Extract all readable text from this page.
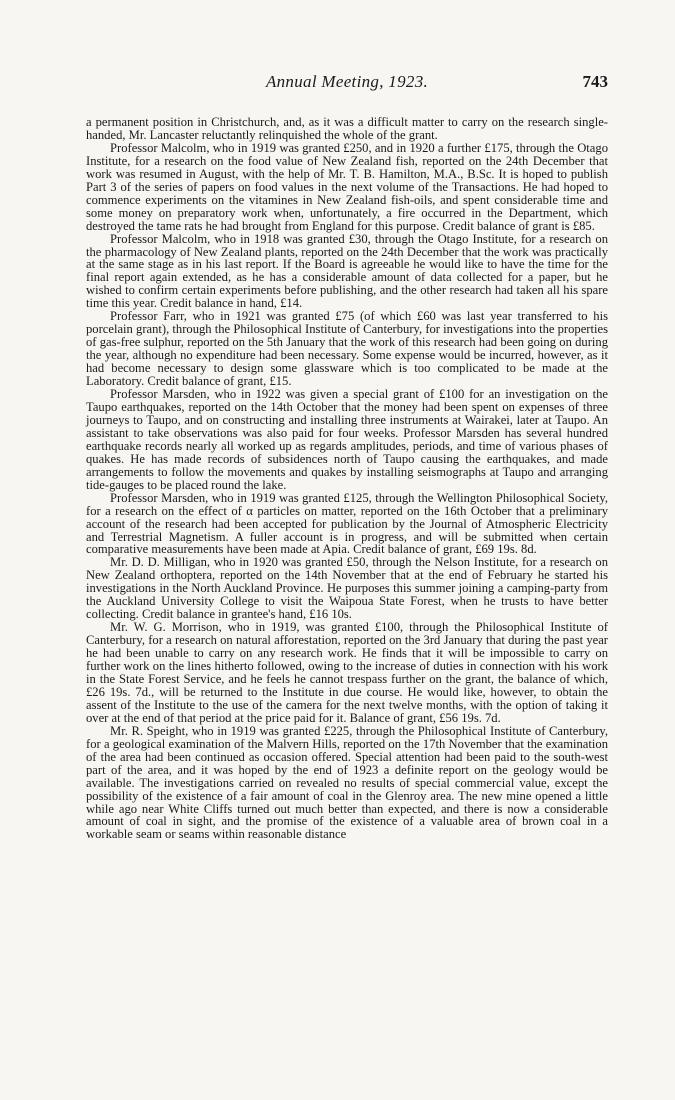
Annual Meeting, 1923.	743

a permanent position in Christchurch, and, as it was a difficult matter to carry on the research single-handed, Mr. Lancaster reluctantly relinquished the whole of the grant.

Professor Malcolm, who in 1919 was granted £250, and in 1920 a further £175, through the Otago Institute, for a research on the food value of New Zealand fish, reported on the 24th December that work was resumed in August, with the help of Mr. T. B. Hamilton, M.A., B.Sc. It is hoped to publish Part 3 of the series of papers on food values in the next volume of the Transactions. He had hoped to commence experiments on the vitamines in New Zealand fish-oils, and spent considerable time and some money on preparatory work when, unfortunately, a fire occurred in the Department, which destroyed the tame rats he had brought from England for this purpose. Credit balance of grant is £85.

Professor Malcolm, who in 1918 was granted £30, through the Otago Institute, for a research on the pharmacology of New Zealand plants, reported on the 24th December that the work was practically at the same stage as in his last report. If the Board is agreeable he would like to have the time for the final report again extended, as he has a considerable amount of data collected for a paper, but he wished to confirm certain experiments before publishing, and the other research had taken all his spare time this year. Credit balance in hand, £14.

Professor Farr, who in 1921 was granted £75 (of which £60 was last year transferred to his porcelain grant), through the Philosophical Institute of Canterbury, for investigations into the properties of gas-free sulphur, reported on the 5th January that the work of this research had been going on during the year, although no expenditure had been necessary. Some expense would be incurred, however, as it had become necessary to design some glassware which is too complicated to be made at the Laboratory. Credit balance of grant, £15.

Professor Marsden, who in 1922 was given a special grant of £100 for an investigation on the Taupo earthquakes, reported on the 14th October that the money had been spent on expenses of three journeys to Taupo, and on constructing and installing three instruments at Wairakei, later at Taupo. An assistant to take observations was also paid for four weeks. Professor Marsden has several hundred earthquake records nearly all worked up as regards amplitudes, periods, and time of various phases of quakes. He has made records of subsidences north of Taupo causing the earthquakes, and made arrangements to follow the movements and quakes by installing seismographs at Taupo and arranging tide-gauges to be placed round the lake.

Professor Marsden, who in 1919 was granted £125, through the Wellington Philosophical Society, for a research on the effect of α particles on matter, reported on the 16th October that a preliminary account of the research had been accepted for publication by the Journal of Atmospheric Electricity and Terrestrial Magnetism. A fuller account is in progress, and will be submitted when certain comparative measurements have been made at Apia. Credit balance of grant, £69 19s. 8d.

Mr. D. D. Milligan, who in 1920 was granted £50, through the Nelson Institute, for a research on New Zealand orthoptera, reported on the 14th November that at the end of February he started his investigations in the North Auckland Province. He purposes this summer joining a camping-party from the Auckland University College to visit the Waipoua State Forest, when he trusts to have better collecting. Credit balance in grantee's hand, £16 10s.

Mr. W. G. Morrison, who in 1919, was granted £100, through the Philosophical Institute of Canterbury, for a research on natural afforestation, reported on the 3rd January that during the past year he had been unable to carry on any research work. He finds that it will be impossible to carry on further work on the lines hitherto followed, owing to the increase of duties in connection with his work in the State Forest Service, and he feels he cannot trespass further on the grant, the balance of which, £26 19s. 7d., will be returned to the Institute in due course. He would like, however, to obtain the assent of the Institute to the use of the camera for the next twelve months, with the option of taking it over at the end of that period at the price paid for it. Balance of grant, £56 19s. 7d.

Mr. R. Speight, who in 1919 was granted £225, through the Philosophical Institute of Canterbury, for a geological examination of the Malvern Hills, reported on the 17th November that the examination of the area had been continued as occasion offered. Special attention had been paid to the south-west part of the area, and it was hoped by the end of 1923 a definite report on the geology would be available. The investigations carried on revealed no results of special commercial value, except the possibility of the existence of a fair amount of coal in the Glenroy area. The new mine opened a little while ago near White Cliffs turned out much better than expected, and there is now a considerable amount of coal in sight, and the promise of the existence of a valuable area of brown coal in a workable seam or seams within reasonable distance
